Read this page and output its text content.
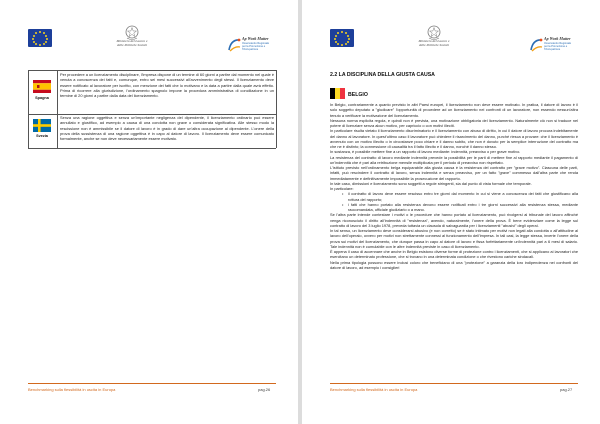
Ministero del Lavoro e delle Politiche Sociali
Ap Work Matter
Osservatorio Regionale per la Promozione e l'Occupazione
Spagna
Per procedere a un licenziamento disciplinare, l'impresa dispone di un termine di 60 giorni a partire dal momento nel quale è venuta a conoscenza dei fatti e, comunque, entro sei mesi successivi all'avvenimento degli stessi. Il licenziamento deve essere notificato al lavoratore per iscritto, con menzione dei fatti che lo motivano e la data a partire dalla quale avrà effetto. Prima di ricorrere alla giurisdizione, l'ordinamento spagnolo impone la procedura amministrativa di conciliazione in un termine di 20 giorni a partire dalla data del licenziamento.
Svezia
Senza una ragione oggettiva e senza un'importante negligenza del dipendente, il licenziamento ordinario può essere annullato e giustifico, ad esempio a causa di una condotta non grave o considerata significativa. Alle stesso modo la rescissione non è ammissibile se il datore di lavoro è in grado di dare un'altra occupazione al dipendente. L'onere della prova della sussistenza di una ragione oggettiva è in capo al datore di lavoro. Il licenziamento deve essere comunicato formalmente, anche se non deve necessariamente essere motivato.
Benchmarking sulla flessibilità in uscita in Europa	pag.26
Ministero del Lavoro e delle Politiche Sociali
Ap Work Matter
Osservatorio Regionale per la Promozione e l'Occupazione
2.2 LA DISCIPLINA DELLA GIUSTA CAUSA
BELGIO

In Belgio, contrariamente a quanto previsto in altri Paesi europei, il licenziamento non deve essere motivato. In pratica, il datore di lavoro è il solo soggetto deputato a "giudicare" l'opportunità di procedere ad un licenziamento nei confronti di un lavoratore, non essendo nessun'altra tenuto a verificare la motivazione del licenziamento.

Nessuna norma esplicita regola, e quindi non è prevista, una motivazione obbligatoria del licenziamento. Naturalmente ciò non si traduce nel potere di licenziare senza alcun motivo, per capriccio o con motivi illeciti.

In particolare risulta vietato il licenziamento discriminatorio e il licenziamento con abuso di diritto, in cui il datore di lavoro procura indebitamente del danno al lavoratore. In quest'ultimo caso il lavoratore può chiedere il risarcimento del danno, purché riesca a provare: che il licenziamento è avvenuto con un motivo illecito o in circostanze poco chiare e il danno subito, che non è dovuto per la semplice interruzione del contratto ma che ne è distinto; la connessione di causalità tra il fatto illecito e il danno, nonché il danno stesso.

In sostanza, è possibile mettere fine a un rapporto di lavoro mediante: indennità, preavviso o per grave motivo.

La resistenza del contratto di lavoro mediante indennità prevede la possibilità per le parti di mettere fine al rapporto mediante il pagamento di un'indennità che è pari alla retribuzione mensile moltiplicata per il periodo di preavviso non rispettato.

L'istituto previsto nell'ordinamento belga equiparabile alla giusta causa è la resistenza del contratto per "grave motivo". Ciascuna delle parti, infatti, può rescindere il contratto di lavoro, senza indennità e senza preavviso, per un fatto "grave" commesso dall'altra parte che renda immediatamente e definitivamente impossibile la prosecuzione del rapporto.

In tale caso, dimissioni e licenziamento sono soggetti a regole stringenti, sia dal punto di vista formale che temporale.

In particolare:

• il contratto di lavoro deve essere rescisso entro tre giorni dal momento in cui si viene a conoscenza dei fatti che giustificano alla rottura del rapporto;
• i fatti che hanno portato alla resistenza devono essere notificati entro i tre giorni successivi alla resistenza stessa, mediante raccomandata, ufficiale giudiziario o a mano.

Se l'altra parte intende contestare i motivi o le procedure che hanno portato al licenziamento, può rivolgersi al tribunale del lavoro affinché venga riconosciuto il diritto all'indennità di "resistenza", avendo, naturalmente, l'onere della prova. È bene evidenziare come la legge sul contratto di lavoro del 3 luglio 1978, preveda tuttavia un clausola di salvaguardia per i licenziamenti "abusivi" degli operai.

In tal senso, un licenziamento deve considerarsi abusivo (e non corretto) se è stato intimato per motivi non legati alla condotta o all'attitudine al lavoro dell'operaio, ovvero per motivi non strettamente connessi al funzionamento dell'impresa. In tali casi, la legge stessa, inverte l'onere della prova sui motivi del licenziamento, che dunque passa in capo al datore di lavoro e fissa forfettariamente un'indennità pari a 6 mesi di salario. Tale indennità non è cumulabile con le altre indennità previste in caso di licenziamento.

È appena il caso di accennare che anche in Belgio esistono diverse forme di protezione contro i licenziamenti, che si applicano ai lavoratori che esercitano un determinato professione, che si trovano in una determinata condizione o che rivestono cariche sindacali.

Nella prima tipologia possono essere inclusi coloro che beneficiano di una "protezione" a garanzia della loro indipendenza nei confronti del datore di lavoro, ad esempio i consiglieri

Benchmarking sulla flessibilità in uscita in Europa	pag.27
